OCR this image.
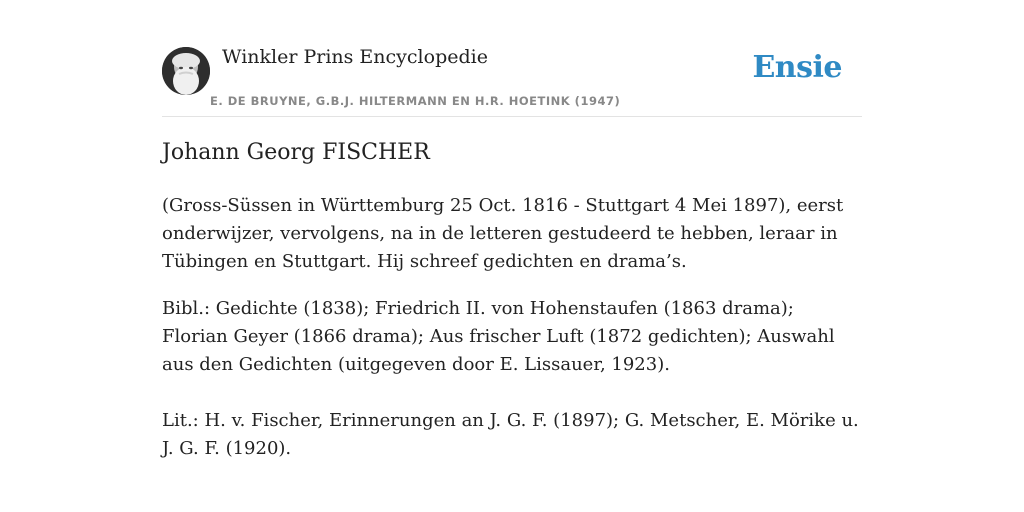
Winkler Prins Encyclopedie
E. DE BRUYNE, G.B.J. HILTERMANN EN H.R. HOETINK (1947)
Ensie
Johann Georg FISCHER
(Gross-Süssen in Württemburg 25 Oct. 1816 - Stuttgart 4 Mei 1897), eerst onderwijzer, vervolgens, na in de letteren gestudeerd te hebben, leraar in Tübingen en Stuttgart. Hij schreef gedichten en drama’s.
Bibl.: Gedichte (1838); Friedrich II. von Hohenstaufen (1863 drama); Florian Geyer (1866 drama); Aus frischer Luft (1872 gedichten); Auswahl aus den Gedichten (uitgegeven door E. Lissauer, 1923).
Lit.: H. v. Fischer, Erinnerungen an J. G. F. (1897); G. Metscher, E. Mörike u. J. G. F. (1920).
